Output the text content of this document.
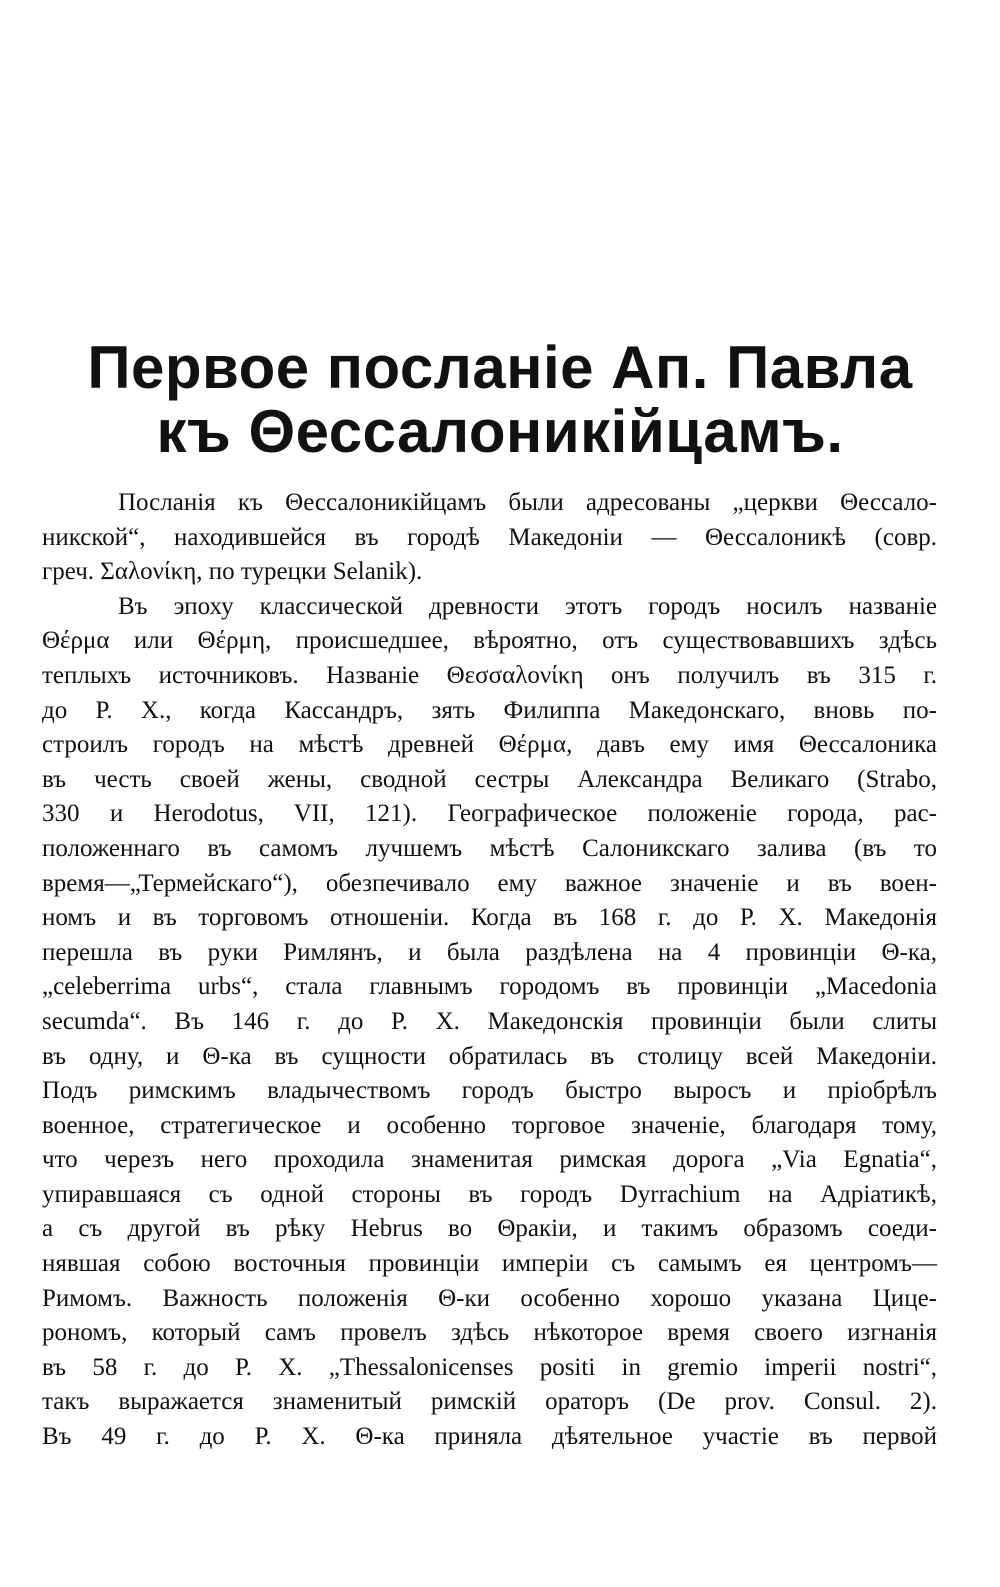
Первое посланіе Ап. Павла
къ Θессалоникійцамъ.
Посланія къ Θессалоникійцамъ были адресованы „церкви Θессало-
никской“, находившейся въ городѣ Македоніи — Θессалоникѣ (совр.
греч. Σαλονίκη, по турецки Selanik).
Въ эпоху классической древности этотъ городъ носилъ названіе
Θέρμα или Θέρμη, происшедшее, вѣроятно, отъ существовавшихъ здѣсь
теплыхъ источниковъ. Названіе Θεσσαλονίκη онъ получилъ въ 315 г.
до Р. Х., когда Кассандръ, зять Филиппа Македонскаго, вновь по-
строилъ городъ на мѣстѣ древней Θέρμα, давъ ему имя Θессалоника
въ честь своей жены, сводной сестры Александра Великаго (Strabo,
330 и Herodotus, VII, 121). Географическое положеніе города, рас-
положеннаго въ самомъ лучшемъ мѣстѣ Салоникскаго залива (въ то
время—„Термейскаго“), обезпечивало ему важное значеніе и въ воен-
номъ и въ торговомъ отношеніи. Когда въ 168 г. до Р. Х. Македонія
перешла въ руки Римлянъ, и была раздѣлена на 4 провинціи Θ-ка,
„celeberrima urbs“, стала главнымъ городомъ въ провинціи „Macedonia
secumda“. Въ 146 г. до Р. Х. Македонскія провинціи были слиты
въ одну, и Θ-ка въ сущности обратилась въ столицу всей Македоніи.
Подъ римскимъ владычествомъ городъ быстро выросъ и пріобрѣлъ
военное, стратегическое и особенно торговое значеніе, благодаря тому,
что черезъ него проходила знаменитая римская дорога „Via Egnatia“,
упиравшаяся съ одной стороны въ городъ Dyrrachium на Адріатикѣ,
а съ другой въ рѣку Hebrus во Θракіи, и такимъ образомъ соеди-
нявшая собою восточныя провинціи имперіи съ самымъ ея центромъ—
Римомъ. Важность положенія Θ-ки особенно хорошо указана Цице-
рономъ, который самъ провелъ здѣсь нѣкоторое время своего изгнанія
въ 58 г. до Р. Х. „Thessalonicenses positi in gremio imperii nostri“,
такъ выражается знаменитый римскій ораторъ (De prov. Consul. 2).
Въ 49 г. до Р. Х. Θ-ка приняла дѣятельное участіе въ первой
